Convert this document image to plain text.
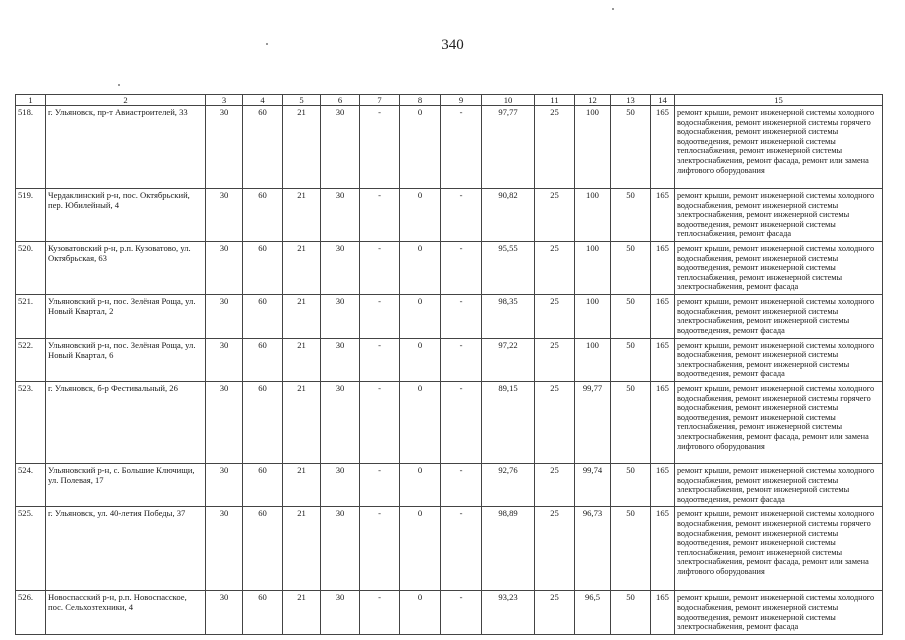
340
1	2	3	4	5	6	7	8	9	10	11	12	13	14	15
518.	г. Ульяновск, пр-т Авиастроителей, 33	30	60	21	30	-	0	-	97,77	25	100	50	165	ремонт крыши, ремонт инженерной системы холодного водоснабжения, ремонт инженерной системы горячего водоснабжения, ремонт инженерной системы водоотведения, ремонт инженерной системы теплоснабжения, ремонт инженерной системы электроснабжения, ремонт фасада, ремонт или замена лифтового оборудования
519.	Чердаклинский р-н, пос. Октябрьский, пер. Юбилейный, 4	30	60	21	30	-	0	-	90,82	25	100	50	165	ремонт крыши, ремонт инженерной системы холодного водоснабжения, ремонт инженерной системы электроснабжения, ремонт инженерной системы водоотведения, ремонт инженерной системы теплоснабжения, ремонт фасада
520.	Кузоватовский р-н, р.п. Кузоватово, ул. Октябрьская, 63	30	60	21	30	-	0	-	95,55	25	100	50	165	ремонт крыши, ремонт инженерной системы холодного водоснабжения, ремонт инженерной системы водоотведения, ремонт инженерной системы теплоснабжения, ремонт инженерной системы электроснабжения, ремонт фасада
521.	Ульяновский р-н, пос. Зелёная Роща, ул. Новый Квартал, 2	30	60	21	30	-	0	-	98,35	25	100	50	165	ремонт крыши, ремонт инженерной системы холодного водоснабжения, ремонт инженерной системы электроснабжения, ремонт инженерной системы водоотведения, ремонт фасада
522.	Ульяновский р-н, пос. Зелёная Роща, ул. Новый Квартал, 6	30	60	21	30	-	0	-	97,22	25	100	50	165	ремонт крыши, ремонт инженерной системы холодного водоснабжения, ремонт инженерной системы электроснабжения, ремонт инженерной системы водоотведения, ремонт фасада
523.	г. Ульяновск, б-р Фестивальный, 26	30	60	21	30	-	0	-	89,15	25	99,77	50	165	ремонт крыши, ремонт инженерной системы холодного водоснабжения, ремонт инженерной системы горячего водоснабжения, ремонт инженерной системы водоотведения, ремонт инженерной системы теплоснабжения, ремонт инженерной системы электроснабжения, ремонт фасада, ремонт или замена лифтового оборудования
524.	Ульяновский р-н, с. Большие Ключищи, ул. Полевая, 17	30	60	21	30	-	0	-	92,76	25	99,74	50	165	ремонт крыши, ремонт инженерной системы холодного водоснабжения, ремонт инженерной системы электроснабжения, ремонт инженерной системы водоотведения, ремонт фасада
525.	г. Ульяновск, ул. 40-летия Победы, 37	30	60	21	30	-	0	-	98,89	25	96,73	50	165	ремонт крыши, ремонт инженерной системы холодного водоснабжения, ремонт инженерной системы горячего водоснабжения, ремонт инженерной системы водоотведения, ремонт инженерной системы теплоснабжения, ремонт инженерной системы электроснабжения, ремонт фасада, ремонт или замена лифтового оборудования
526.	Новоспасский р-н, р.п. Новоспасское, пос. Сельхозтехники, 4	30	60	21	30	-	0	-	93,23	25	96,5	50	165	ремонт крыши, ремонт инженерной системы холодного водоснабжения, ремонт инженерной системы водоотведения, ремонт инженерной системы электроснабжения, ремонт фасада
